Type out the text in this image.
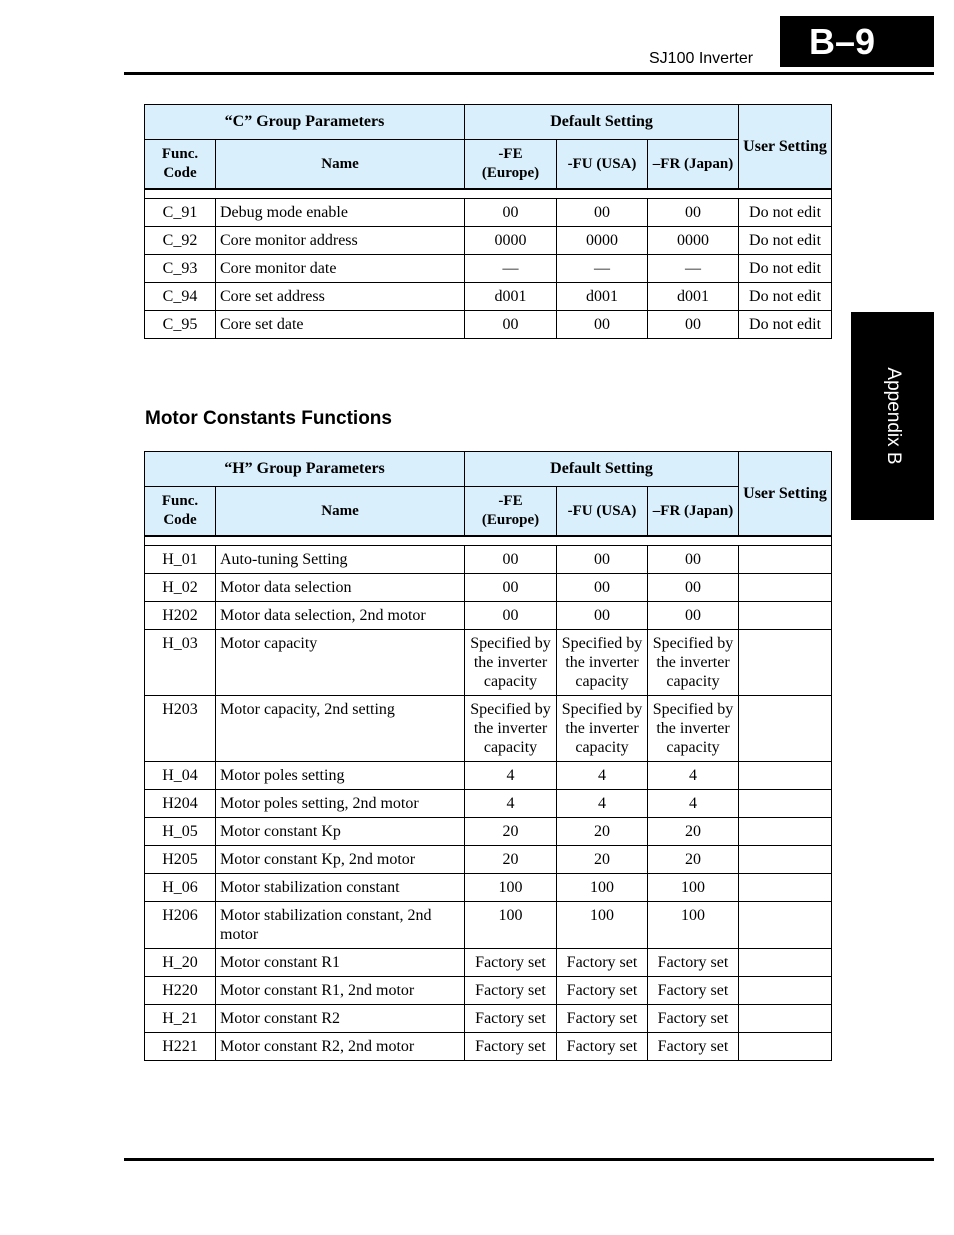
SJ100 Inverter	B–9
Appendix B
“C” Group Parameters		Default Setting			User Setting
Func. Code	Name	-FE (Europe)	-FU (USA)	–FR (Japan)	

C_91	Debug mode enable	00	00	00	Do not edit
C_92	Core monitor address	0000	0000	0000	Do not edit
C_93	Core monitor date	—	—	—	Do not edit
C_94	Core set address	d001	d001	d001	Do not edit
C_95	Core set date	00	00	00	Do not edit
Motor Constants Functions
“H” Group Parameters		Default Setting			User Setting
Func. Code	Name	-FE (Europe)	-FU (USA)	–FR (Japan)	

H_01	Auto-tuning Setting	00	00	00	
H_02	Motor data selection	00	00	00	
H202	Motor data selection, 2nd motor	00	00	00	
H_03	Motor capacity	Specified by the inverter capacity	Specified by the inverter capacity	Specified by the inverter capacity	
H203	Motor capacity, 2nd setting	Specified by the inverter capacity	Specified by the inverter capacity	Specified by the inverter capacity	
H_04	Motor poles setting	4	4	4	
H204	Motor poles setting, 2nd motor	4	4	4	
H_05	Motor constant Kp	20	20	20	
H205	Motor constant Kp, 2nd motor	20	20	20	
H_06	Motor stabilization constant	100	100	100	
H206	Motor stabilization constant, 2nd motor	100	100	100	
H_20	Motor constant R1	Factory set	Factory set	Factory set	
H220	Motor constant R1, 2nd motor	Factory set	Factory set	Factory set	
H_21	Motor constant R2	Factory set	Factory set	Factory set	
H221	Motor constant R2, 2nd motor	Factory set	Factory set	Factory set	
